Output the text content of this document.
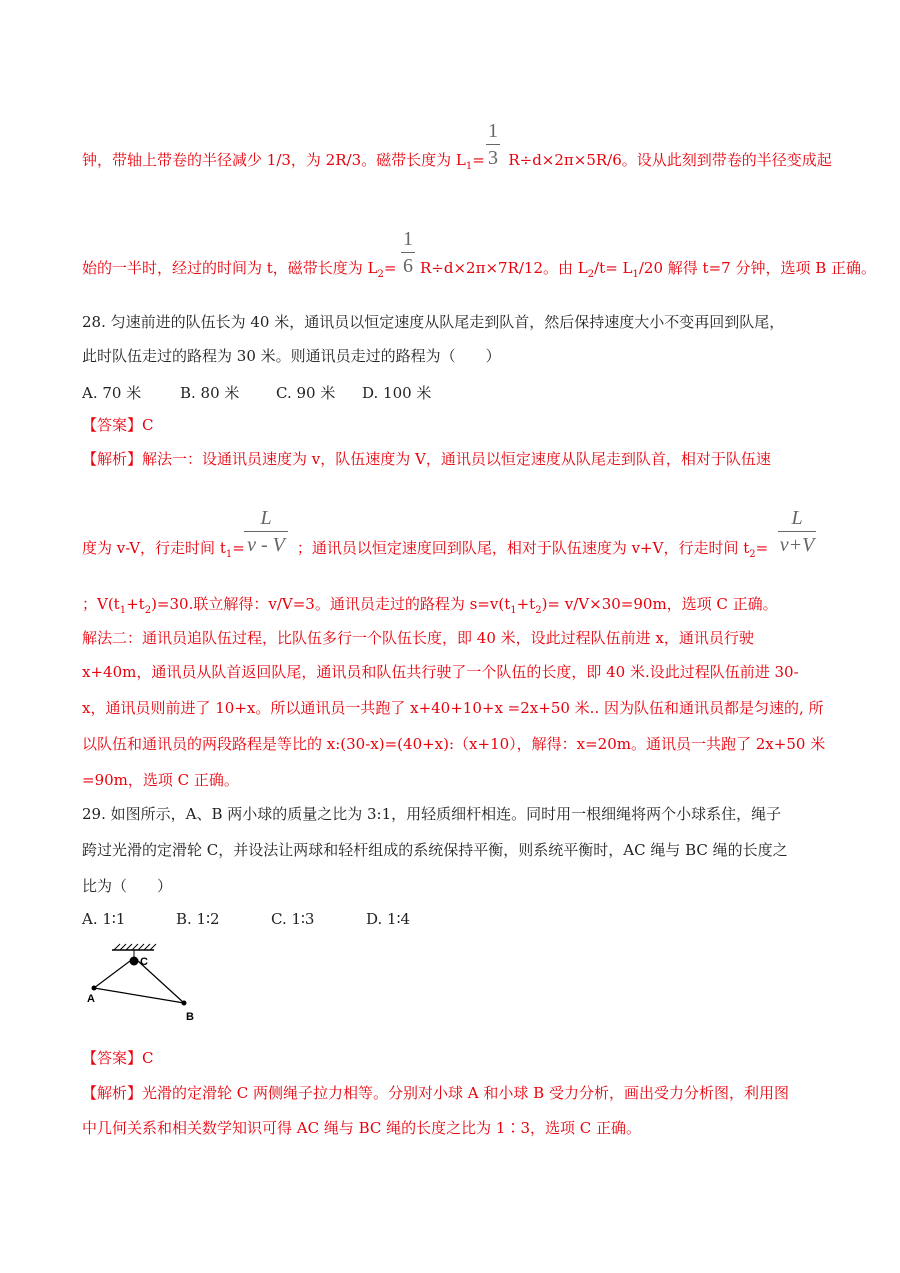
钟，带轴上带卷的半径减少 1/3，为 2R/3。磁带长度为 $L_1= R\div d\times 2\pi\times 5R/6$。设从此刻到带卷的半径变成起
1
3
始的一半时，经过的时间为 t，磁带长度为 $L_2= R\div d\times 2\pi\times 7R/12$。由 $L_2/t= L_1/20$ 解得 t=7 分钟，选项 B 正确。
1
6
28. 匀速前进的队伍长为 40 米，通讯员以恒定速度从队尾走到队首，然后保持速度大小不变再回到队尾，
此时队伍走过的路程为 30 米。则通讯员走过的路程为（　　）
A. 70 米	B. 80 米 C. 90 米 D. 100 米
【答案】C
【解析】解法一：设通讯员速度为 v，队伍速度为 V，通讯员以恒定速度从队尾走到队首，相对于队伍速
度为 v-V，行走时间 $t_1=$	；通讯员以恒定速度回到队尾，相对于队伍速度为 v+V，行走时间 $t_2=$
L
v - V
L
v+V
；$V(t_1+t_2)=30$.联立解得：v/V=3。通讯员走过的路程为 $s=v(t_1+t_2)= v/V\times 30=90m$，选项 C 正确。
解法二：通讯员追队伍过程，比队伍多行一个队伍长度，即 40 米，设此过程队伍前进 x，通讯员行驶
x+40m，通讯员从队首返回队尾，通讯员和队伍共行驶了一个队伍的长度，即 40 米.设此过程队伍前进 30-
x，通讯员则前进了 10+x。所以通讯员一共跑了 x+40+10+x =2x+50 米.. 因为队伍和通讯员都是匀速的, 所
以队伍和通讯员的两段路程是等比的 x:(30-x)=(40+x):（x+10），解得：x=20m。通讯员一共跑了 2x+50 米
=90m，选项 C 正确。
29. 如图所示，A、B 两小球的质量之比为 3:1，用轻质细杆相连。同时用一根细绳将两个小球系住，绳子
跨过光滑的定滑轮 C，并设法让两球和轻杆组成的系统保持平衡，则系统平衡时，AC 绳与 BC 绳的长度之
比为（　　）
A. 1∶1	B. 1∶2	C. 1∶3	D. 1∶4
C
A
B
【答案】C
【解析】光滑的定滑轮 C 两侧绳子拉力相等。分别对小球 A 和小球 B 受力分析，画出受力分析图，利用图
中几何关系和相关数学知识可得 AC 绳与 BC 绳的长度之比为 1∶3，选项 C 正确。
